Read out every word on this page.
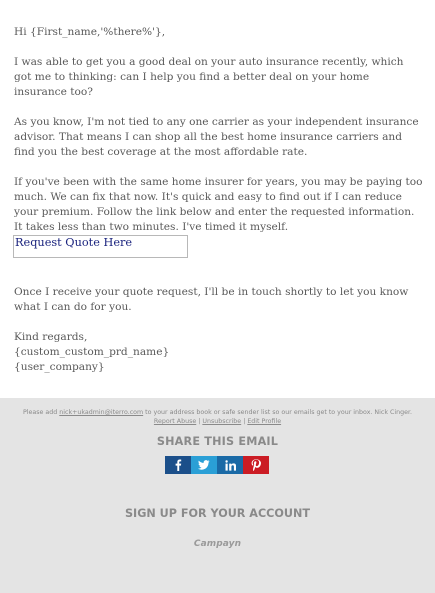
Hi {First_name,'%there%'},

I was able to get you a good deal on your auto insurance recently, which got me to thinking: can I help you find a better deal on your home insurance too?

As you know, I'm not tied to any one carrier as your independent insurance advisor. That means I can shop all the best home insurance carriers and find you the best coverage at the most affordable rate.

If you've been with the same home insurer for years, you may be paying too much. We can fix that now. It's quick and easy to find out if I can reduce your premium. Follow the link below and enter the requested information. It takes less than two minutes. I've timed it myself.

Request Quote Here

Once I receive your quote request, I'll be in touch shortly to let you know what I can do for you.

Kind regards,
{custom_custom_prd_name}
{user_company}
Please add nick+ukadmin@iterro.com to your address book or safe sender list so our emails get to your inbox. Nick Cinger.
Report Abuse | Unsubscribe | Edit Profile
SHARE THIS EMAIL
SIGN UP FOR YOUR ACCOUNT
Campayn
